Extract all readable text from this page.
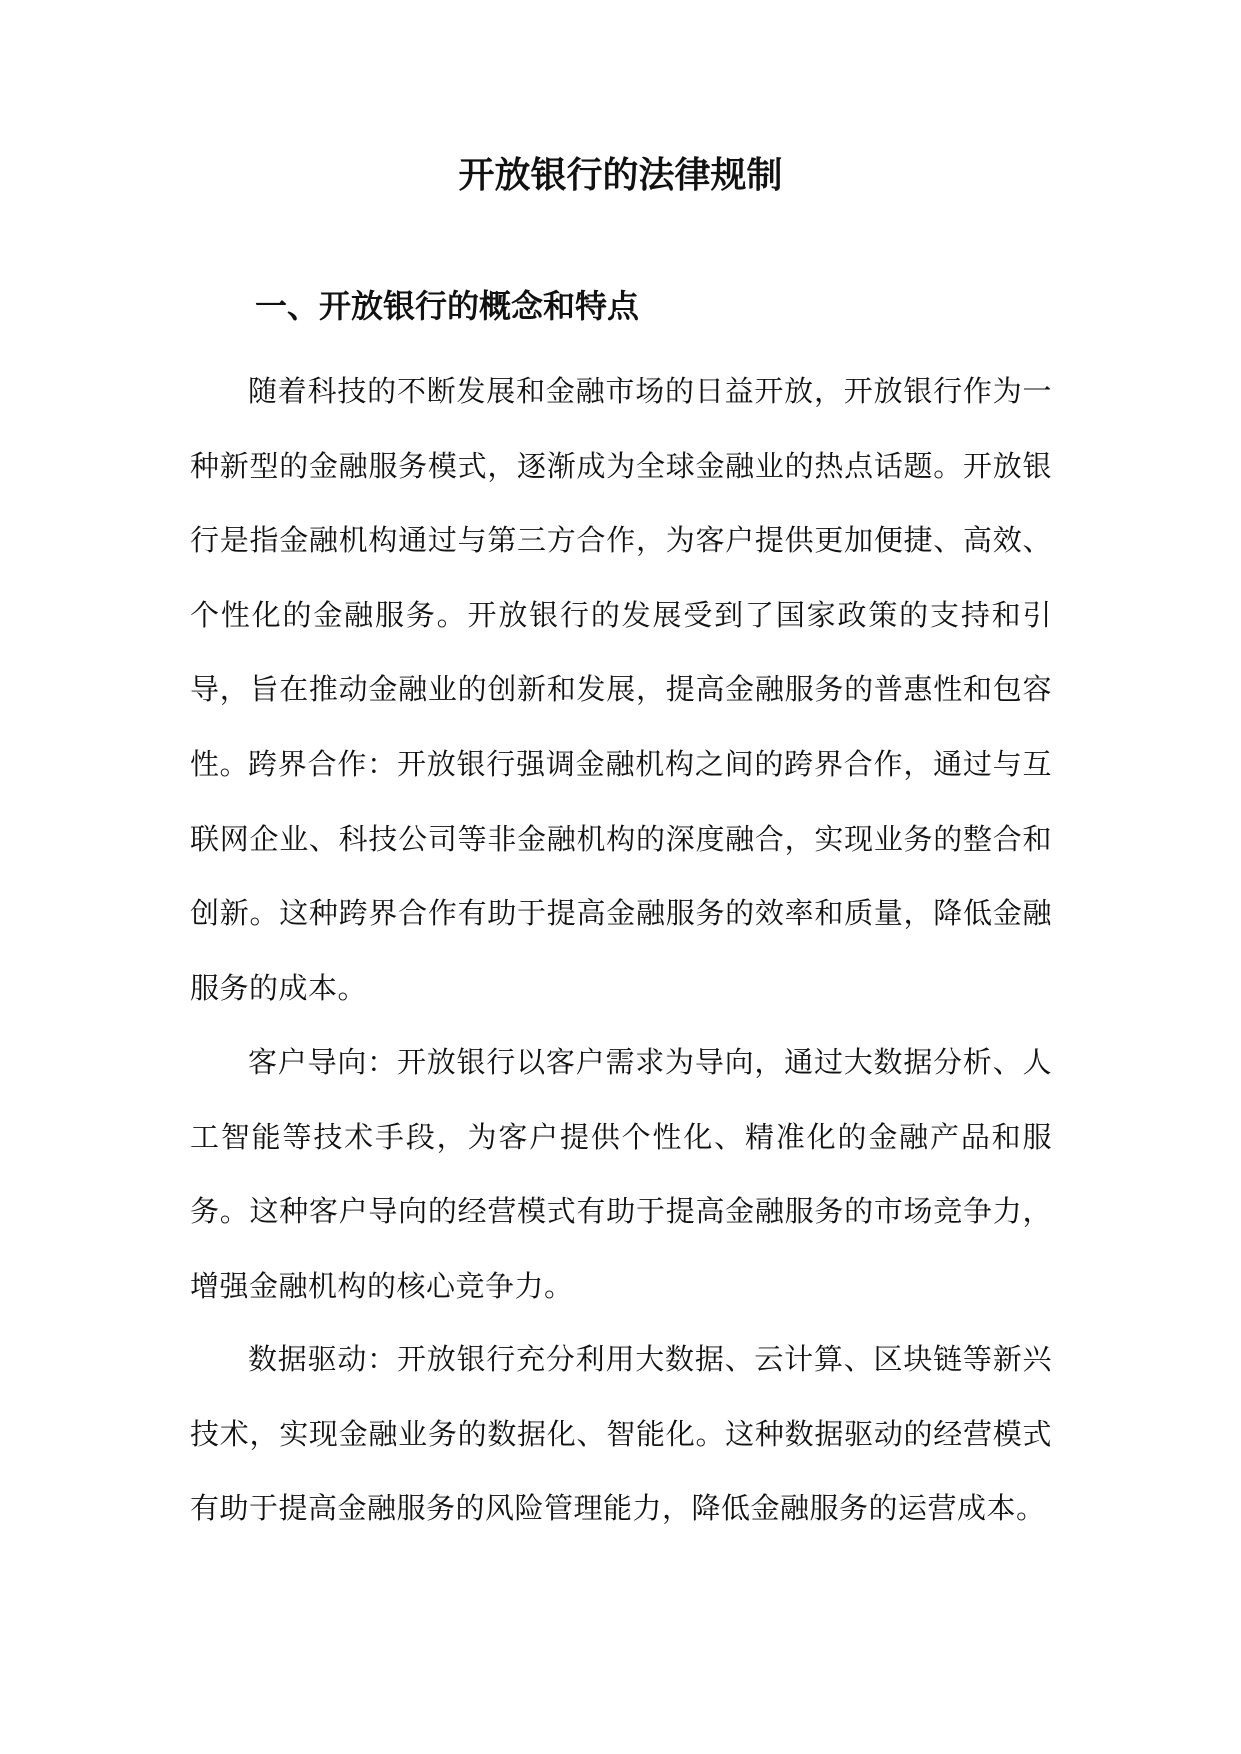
开放银行的法律规制
一、开放银行的概念和特点

随着科技的不断发展和金融市场的日益开放，开放银行作为一种新型的金融服务模式，逐渐成为全球金融业的热点话题。开放银行是指金融机构通过与第三方合作，为客户提供更加便捷、高效、个性化的金融服务。开放银行的发展受到了国家政策的支持和引导，旨在推动金融业的创新和发展，提高金融服务的普惠性和包容性。

跨界合作：开放银行强调金融机构之间的跨界合作，通过与互联网企业、科技公司等非金融机构的深度融合，实现业务的整合和创新。这种跨界合作有助于提高金融服务的效率和质量，降低金融服务的成本。

客户导向：开放银行以客户需求为导向，通过大数据分析、人工智能等技术手段，为客户提供个性化、精准化的金融产品和服务。这种客户导向的经营模式有助于提高金融服务的市场竞争力，增强金融机构的核心竞争力。

数据驱动：开放银行充分利用大数据、云计算、区块链等新兴技术，实现金融业务的数据化、智能化。这种数据驱动的经营模式有助于提高金融服务的风险管理能力，降低金融服务的运营成本。
